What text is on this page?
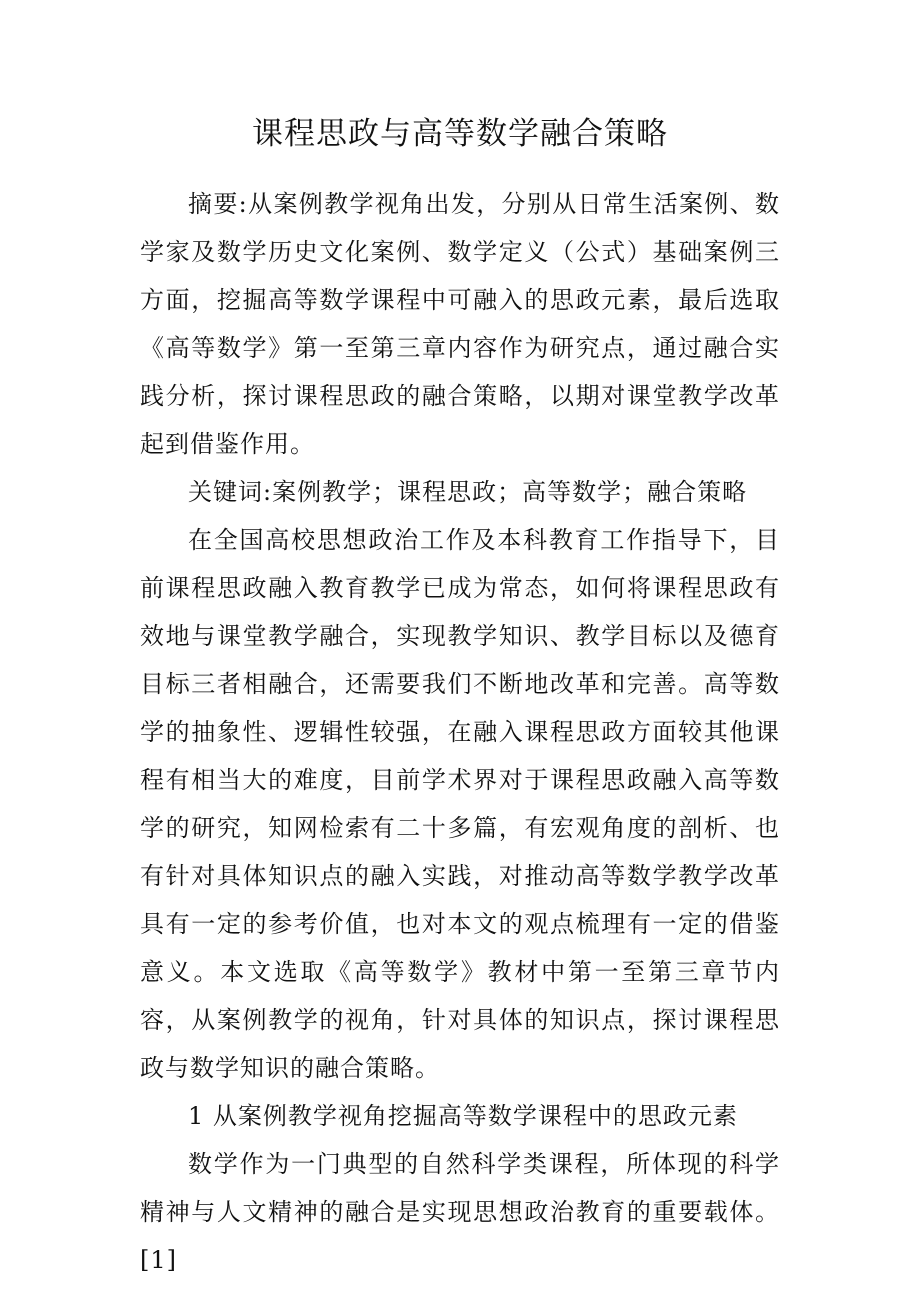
课程思政与高等数学融合策略

摘要:从案例教学视角出发，分别从日常生活案例、数学家及数学历史文化案例、数学定义（公式）基础案例三方面，挖掘高等数学课程中可融入的思政元素，最后选取《高等数学》第一至第三章内容作为研究点，通过融合实践分析，探讨课程思政的融合策略，以期对课堂教学改革起到借鉴作用。

关键词:案例教学；课程思政；高等数学；融合策略

在全国高校思想政治工作及本科教育工作指导下，目前课程思政融入教育教学已成为常态，如何将课程思政有效地与课堂教学融合，实现教学知识、教学目标以及德育目标三者相融合，还需要我们不断地改革和完善。高等数学的抽象性、逻辑性较强，在融入课程思政方面较其他课程有相当大的难度，目前学术界对于课程思政融入高等数学的研究，知网检索有二十多篇，有宏观角度的剖析、也有针对具体知识点的融入实践，对推动高等数学教学改革具有一定的参考价值，也对本文的观点梳理有一定的借鉴意义。本文选取《高等数学》教材中第一至第三章节内容，从案例教学的视角，针对具体的知识点，探讨课程思政与数学知识的融合策略。

1 从案例教学视角挖掘高等数学课程中的思政元素

数学作为一门典型的自然科学类课程，所体现的科学精神与人文精神的融合是实现思想政治教育的重要载体。[1]
